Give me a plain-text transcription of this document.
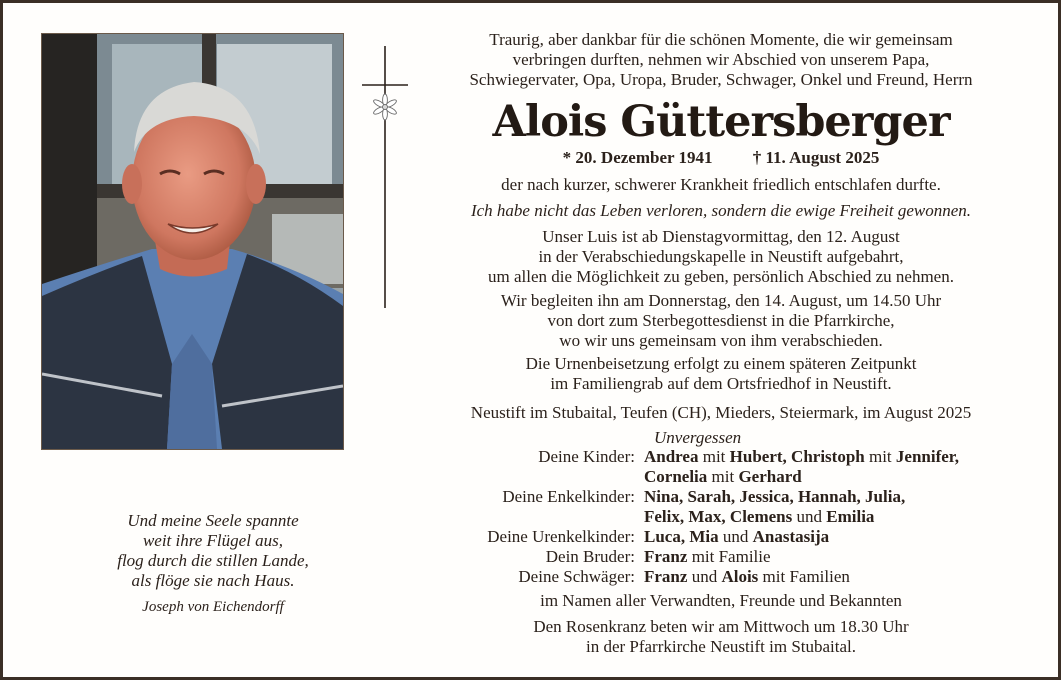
Traurig, aber dankbar für die schönen Momente, die wir gemeinsam
verbringen durften, nehmen wir Abschied von unserem Papa,
Schwiegervater, Opa, Uropa, Bruder, Schwager, Onkel und Freund, Herrn
Alois Güttersberger
* 20. Dezember 1941 † 11. August 2025
der nach kurzer, schwerer Krankheit friedlich entschlafen durfte.
Ich habe nicht das Leben verloren, sondern die ewige Freiheit gewonnen.
Unser Luis ist ab Dienstagvormittag, den 12. August
in der Verabschiedungskapelle in Neustift aufgebahrt,
um allen die Möglichkeit zu geben, persönlich Abschied zu nehmen.
Wir begleiten ihn am Donnerstag, den 14. August, um 14.50 Uhr
von dort zum Sterbegottesdienst in die Pfarrkirche,
wo wir uns gemeinsam von ihm verabschieden.
Die Urnenbeisetzung erfolgt zu einem späteren Zeitpunkt
im Familiengrab auf dem Ortsfriedhof in Neustift.
Neustift im Stubaital, Teufen (CH), Mieders, Steiermark, im August 2025
Unvergessen
Deine Kinder: Andrea mit Hubert, Christoph mit Jennifer,
Cornelia mit Gerhard
Deine Enkelkinder: Nina, Sarah, Jessica, Hannah, Julia,
Felix, Max, Clemens und Emilia
Deine Urenkelkinder: Luca, Mia und Anastasija
Dein Bruder: Franz mit Familie
Deine Schwäger: Franz und Alois mit Familien
im Namen aller Verwandten, Freunde und Bekannten
Den Rosenkranz beten wir am Mittwoch um 18.30 Uhr
in der Pfarrkirche Neustift im Stubaital.
Und meine Seele spannte
weit ihre Flügel aus,
flog durch die stillen Lande,
als flöge sie nach Haus.
Joseph von Eichendorff
